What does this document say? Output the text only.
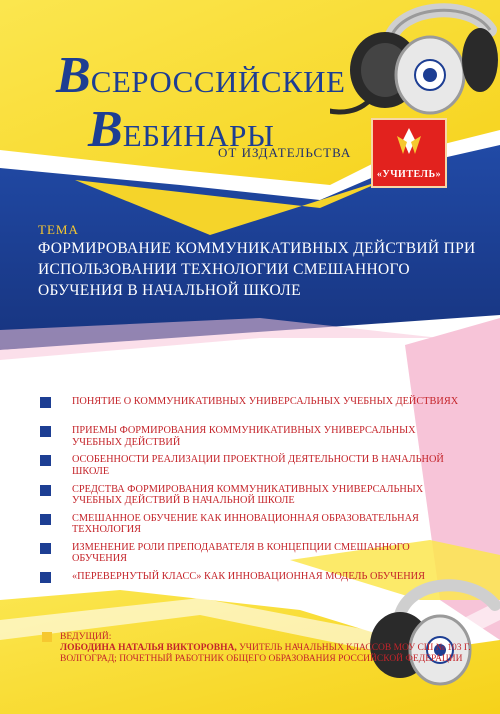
ВСЕРОССИЙСКИЕ
ВЕБИНАРЫ
ОТ ИЗДАТЕЛЬСТВА
«УЧИТЕЛЬ»
ТЕМА
ФОРМИРОВАНИЕ КОММУНИКАТИВНЫХ ДЕЙСТВИЙ ПРИ ИСПОЛЬЗОВАНИИ ТЕХНОЛОГИИ СМЕШАННОГО ОБУЧЕНИЯ В НАЧАЛЬНОЙ ШКОЛЕ
ПОНЯТИЕ О КОММУНИКАТИВНЫХ УНИВЕРСАЛЬНЫХ УЧЕБНЫХ ДЕЙСТВИЯХ
ПРИЕМЫ ФОРМИРОВАНИЯ КОММУНИКАТИВНЫХ УНИВЕРСАЛЬНЫХ УЧЕБНЫХ ДЕЙСТВИЙ
ОСОБЕННОСТИ РЕАЛИЗАЦИИ ПРОЕКТНОЙ ДЕЯТЕЛЬНОСТИ В НАЧАЛЬНОЙ ШКОЛЕ
СРЕДСТВА ФОРМИРОВАНИЯ КОММУНИКАТИВНЫХ УНИВЕРСАЛЬНЫХ УЧЕБНЫХ ДЕЙСТВИЙ В НАЧАЛЬНОЙ ШКОЛЕ
СМЕШАННОЕ ОБУЧЕНИЕ КАК ИННОВАЦИОННАЯ ОБРАЗОВАТЕЛЬНАЯ ТЕХНОЛОГИЯ
ИЗМЕНЕНИЕ РОЛИ ПРЕПОДАВАТЕЛЯ В КОНЦЕПЦИИ СМЕШАННОГО ОБУЧЕНИЯ
«ПЕРЕВЕРНУТЫЙ КЛАСС» КАК ИННОВАЦИОННАЯ МОДЕЛЬ ОБУЧЕНИЯ
ВЕДУЩИЙ:
ЛОБОДИНА НАТАЛЬЯ ВИКТОРОВНА, УЧИТЕЛЬ НАЧАЛЬНЫХ КЛАССОВ МОУ СШ № 103 Г. ВОЛГОГРАД; ПОЧЕТНЫЙ РАБОТНИК ОБЩЕГО ОБРАЗОВАНИЯ РОССИЙСКОЙ ФЕДЕРАЦИИ
